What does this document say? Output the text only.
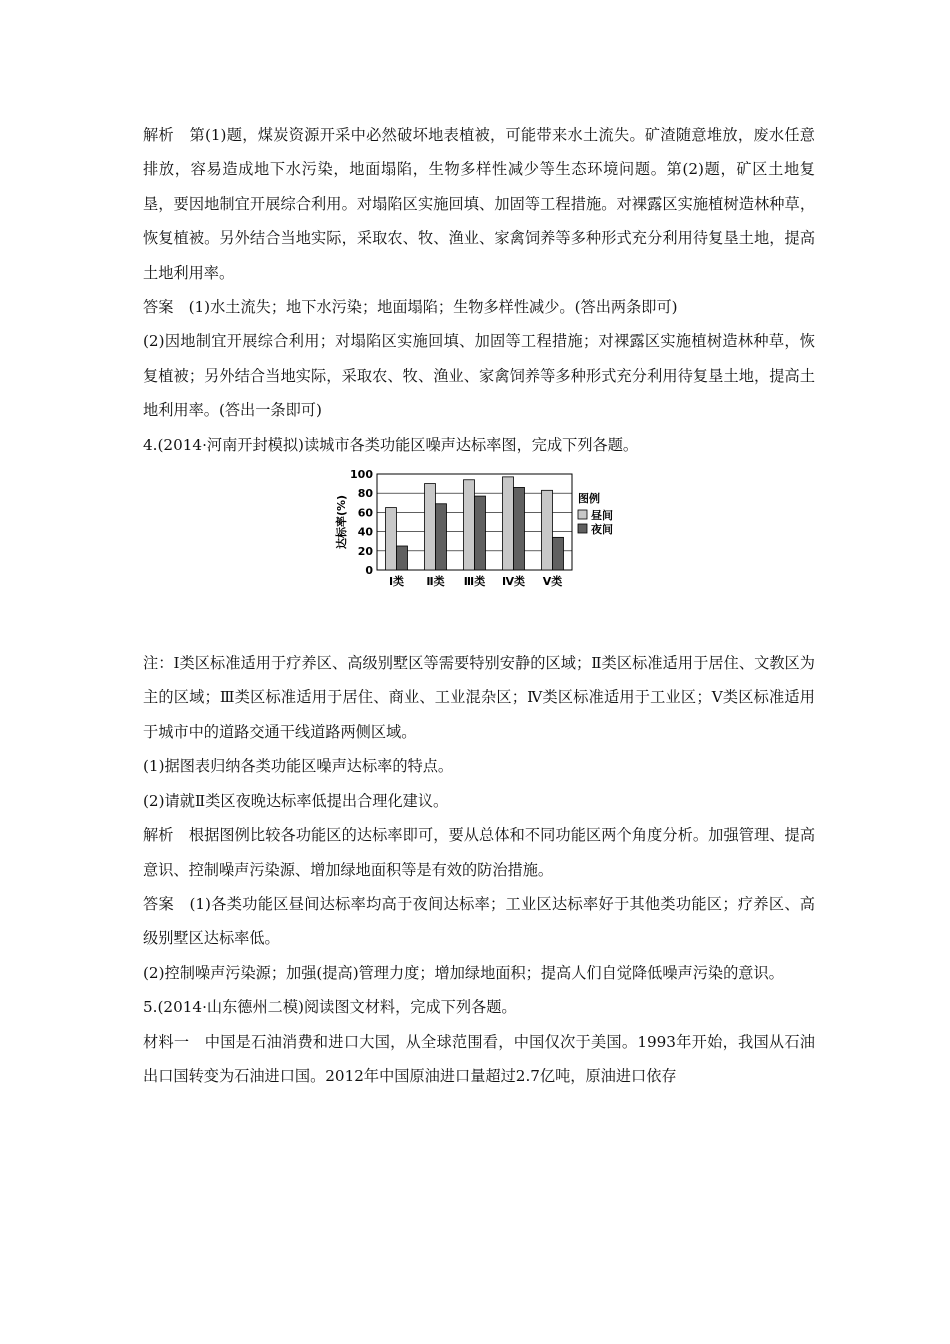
解析　第(1)题，煤炭资源开采中必然破坏地表植被，可能带来水土流失。矿渣随意堆放，废水任意排放，容易造成地下水污染，地面塌陷，生物多样性减少等生态环境问题。第(2)题，矿区土地复垦，要因地制宜开展综合利用。对塌陷区实施回填、加固等工程措施。对裸露区实施植树造林种草，恢复植被。另外结合当地实际，采取农、牧、渔业、家禽饲养等多种形式充分利用待复垦土地，提高土地利用率。

答案　(1)水土流失；地下水污染；地面塌陷；生物多样性减少。(答出两条即可)

(2)因地制宜开展综合利用；对塌陷区实施回填、加固等工程措施；对裸露区实施植树造林种草，恢复植被；另外结合当地实际，采取农、牧、渔业、家禽饲养等多种形式充分利用待复垦土地，提高土地利用率。(答出一条即可)

4.(2014·河南开封模拟)读城市各类功能区噪声达标率图，完成下列各题。

0
20
40
60
80
100
Ⅰ类 Ⅱ类 Ⅲ类 Ⅳ类 Ⅴ类
达标率(%)	图例
昼间
夜间

注：Ⅰ类区标准适用于疗养区、高级别墅区等需要特别安静的区域；Ⅱ类区标准适用于居住、文教区为主的区域；Ⅲ类区标准适用于居住、商业、工业混杂区；Ⅳ类区标准适用于工业区；Ⅴ类区标准适用于城市中的道路交通干线道路两侧区域。

(1)据图表归纳各类功能区噪声达标率的特点。

(2)请就Ⅱ类区夜晚达标率低提出合理化建议。

解析　根据图例比较各功能区的达标率即可，要从总体和不同功能区两个角度分析。加强管理、提高意识、控制噪声污染源、增加绿地面积等是有效的防治措施。

答案　(1)各类功能区昼间达标率均高于夜间达标率；工业区达标率好于其他类功能区；疗养区、高级别墅区达标率低。

(2)控制噪声污染源；加强(提高)管理力度；增加绿地面积；提高人们自觉降低噪声污染的意识。

5.(2014·山东德州二模)阅读图文材料，完成下列各题。

材料一　中国是石油消费和进口大国，从全球范围看，中国仅次于美国。1993年开始，我国从石油出口国转变为石油进口国。2012年中国原油进口量超过2.7亿吨，原油进口依存
